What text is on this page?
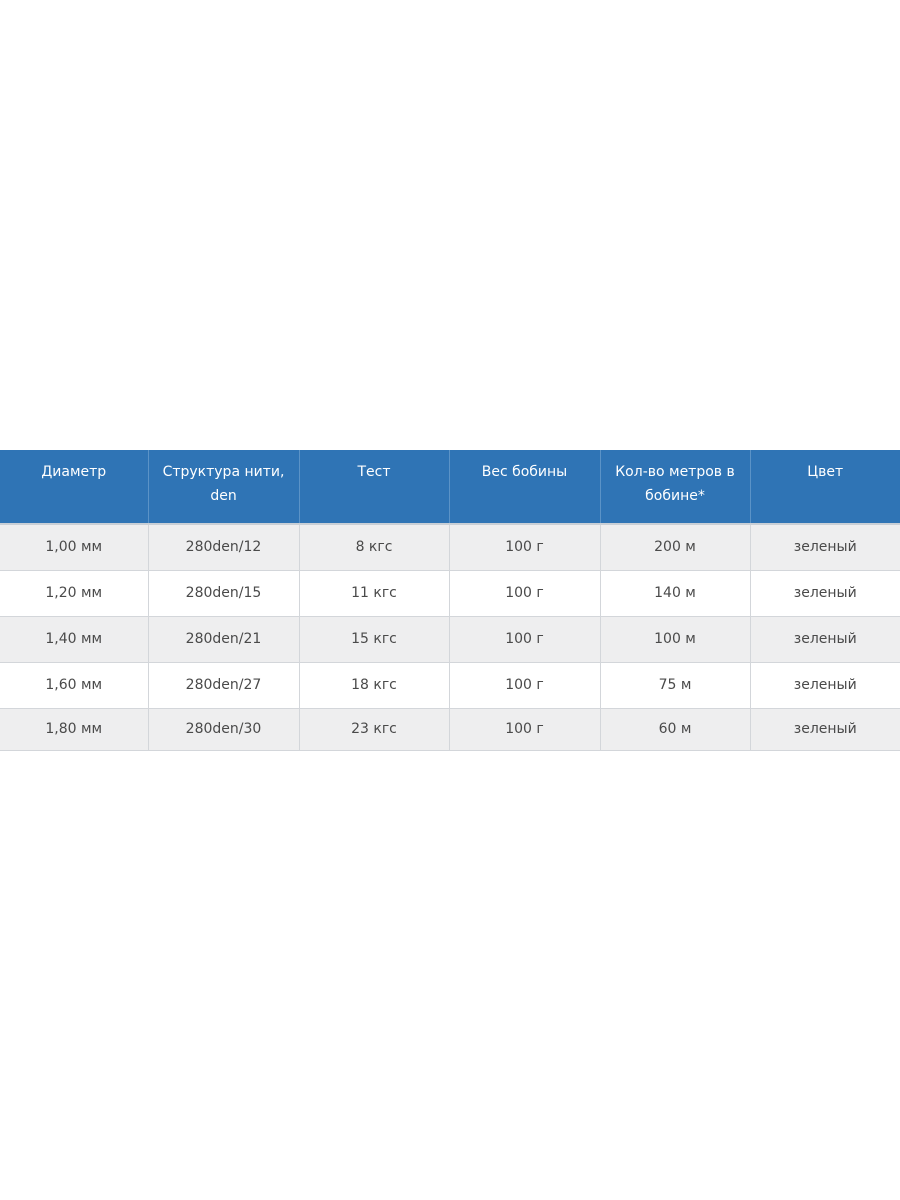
Диаметр	Структура нити, den	Тест	Вес бобины	Кол-во метров в бобине*	Цвет
1,00 мм	280den/12	8 кгс	100 г	200 м	зеленый
1,20 мм	280den/15	11 кгс	100 г	140 м	зеленый
1,40 мм	280den/21	15 кгс	100 г	100 м	зеленый
1,60 мм	280den/27	18 кгс	100 г	75 м	зеленый
1,80 мм	280den/30	23 кгс	100 г	60 м	зеленый
